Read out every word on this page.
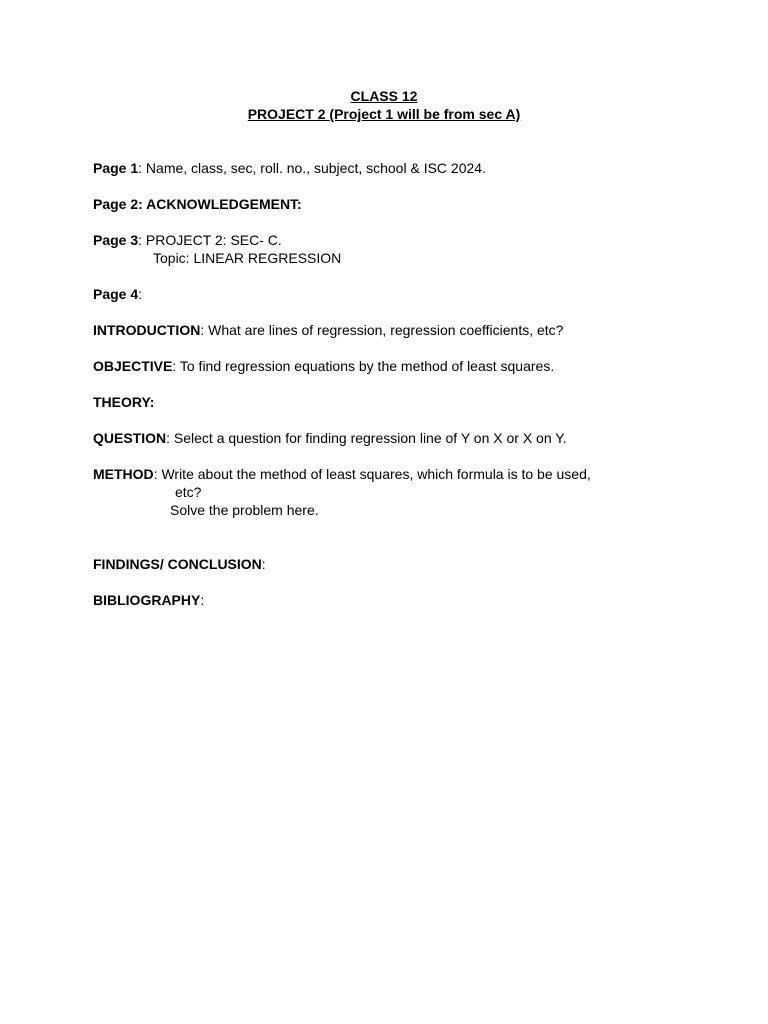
CLASS 12
PROJECT 2 (Project 1 will be from sec A)
Page 1: Name, class, sec, roll. no., subject, school & ISC 2024.
Page 2: ACKNOWLEDGEMENT:
Page 3: PROJECT 2: SEC- C.
Topic: LINEAR REGRESSION
Page 4:
INTRODUCTION: What are lines of regression, regression coefficients, etc?
OBJECTIVE: To find regression equations by the method of least squares.
THEORY:
QUESTION: Select a question for finding regression line of Y on X or X on Y.
METHOD: Write about the method of least squares, which formula is to be used,
etc?
Solve the problem here.
FINDINGS/ CONCLUSION:
BIBLIOGRAPHY:
